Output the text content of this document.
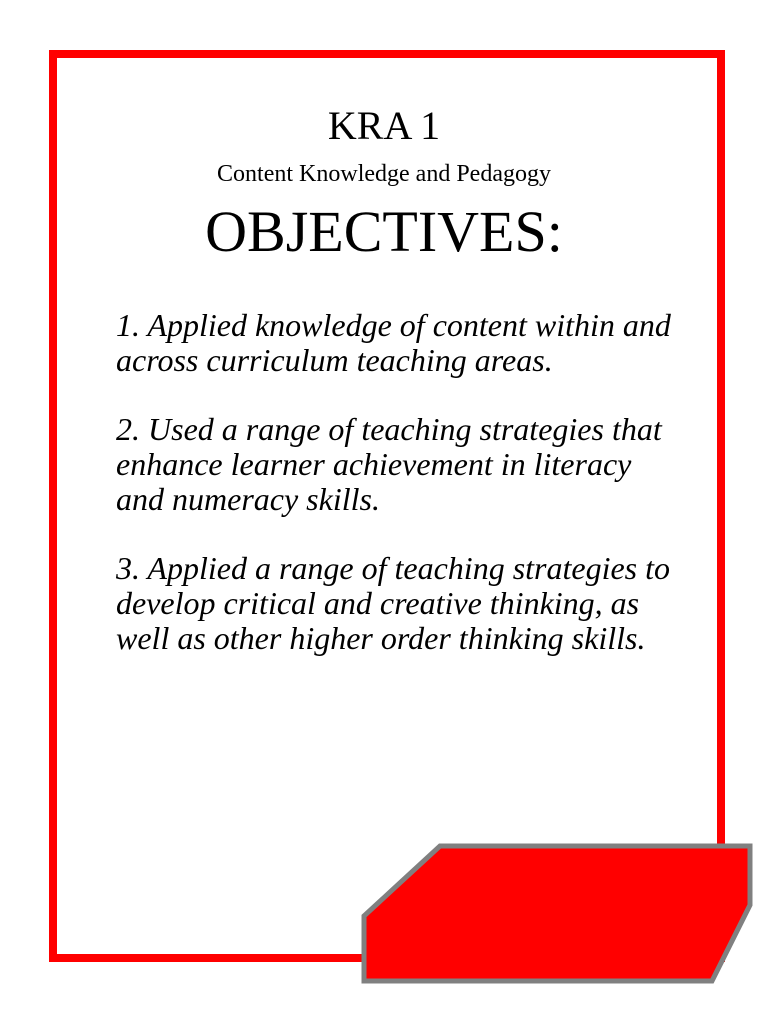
KRA 1
Content Knowledge and Pedagogy
OBJECTIVES:
1. Applied knowledge of content within and across curriculum teaching areas.
2. Used a range of teaching strategies that enhance learner achievement in literacy and numeracy skills.
3. Applied a range of teaching strategies to develop critical and creative thinking, as well as other higher order thinking skills.
